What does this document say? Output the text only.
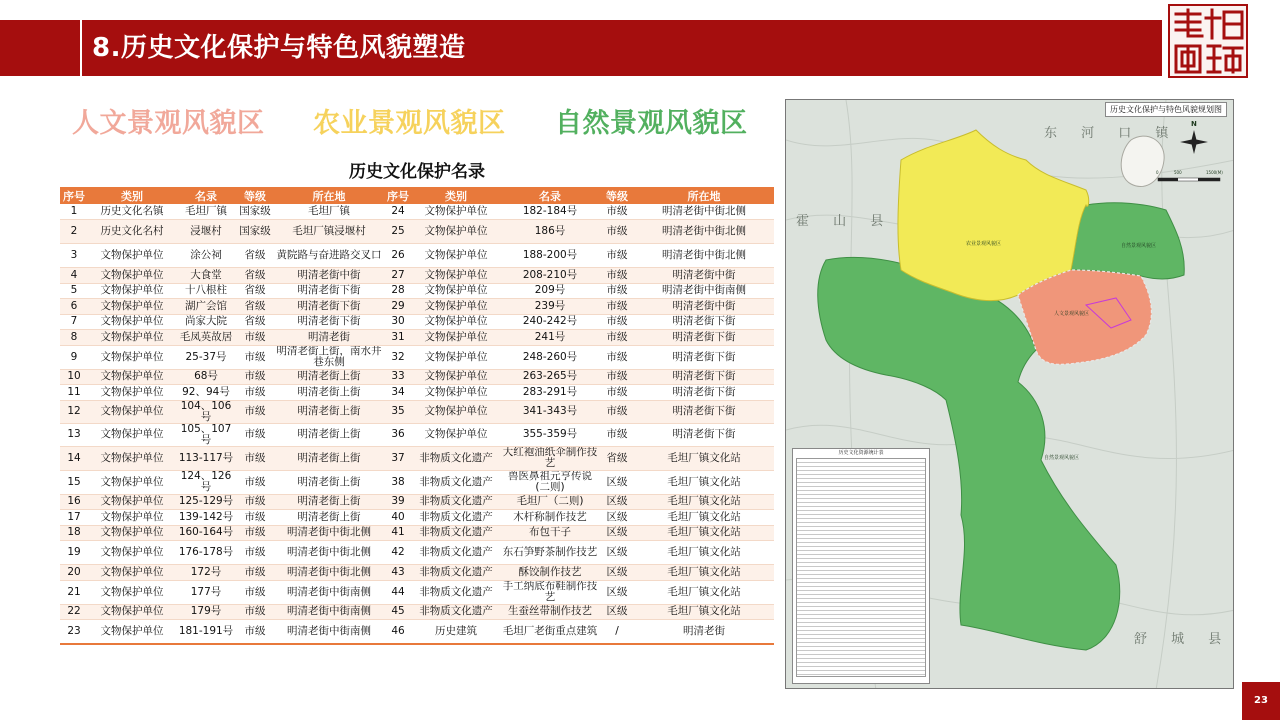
8.历史文化保护与特色风貌塑造
人文景观风貌区 农业景观风貌区 自然景观风貌区
历史文化保护名录
序号	类别	名录	等级	所在地	序号	类别	名录	等级	所在地
1	历史文化名镇	毛坦厂镇	国家级	毛坦厂镇	24	文物保护单位	182-184号	市级	明清老街中街北侧
2	历史文化名村	浸堰村	国家级	毛坦厂镇浸堰村	25	文物保护单位	186号	市级	明清老街中街北侧
3	文物保护单位	涂公祠	省级	黄院路与奋进路交叉口	26	文物保护单位	188-200号	市级	明清老街中街北侧
4	文物保护单位	大食堂	省级	明清老街中街	27	文物保护单位	208-210号	市级	明清老街中街
5	文物保护单位	十八根柱	省级	明清老街下街	28	文物保护单位	209号	市级	明清老街中街南侧
6	文物保护单位	湖广会馆	省级	明清老街下街	29	文物保护单位	239号	市级	明清老街中街
7	文物保护单位	尚家大院	省级	明清老街下街	30	文物保护单位	240-242号	市级	明清老街下街
8	文物保护单位	毛凤英故居	市级	明清老街	31	文物保护单位	241号	市级	明清老街下街
9	文物保护单位	25-37号	市级	明清老街上街，南水井巷东侧	32	文物保护单位	248-260号	市级	明清老街下街
10	文物保护单位	68号	市级	明清老街上街	33	文物保护单位	263-265号	市级	明清老街下街
11	文物保护单位	92、94号	市级	明清老街上街	34	文物保护单位	283-291号	市级	明清老街下街
12	文物保护单位	104、106号	市级	明清老街上街	35	文物保护单位	341-343号	市级	明清老街下街
13	文物保护单位	105、107号	市级	明清老街上街	36	文物保护单位	355-359号	市级	明清老街下街
14	文物保护单位	113-117号	市级	明清老街上街	37	非物质文化遗产	大红袍油纸伞制作技艺	省级	毛坦厂镇文化站
15	文物保护单位	124、126号	市级	明清老街上街	38	非物质文化遗产	兽医鼻祖元亨传说(二则)	区级	毛坦厂镇文化站
16	文物保护单位	125-129号	市级	明清老街上街	39	非物质文化遗产	毛坦厂（二则)	区级	毛坦厂镇文化站
17	文物保护单位	139-142号	市级	明清老街上街	40	非物质文化遗产	木杆称制作技艺	区级	毛坦厂镇文化站
18	文物保护单位	160-164号	市级	明清老街中街北侧	41	非物质文化遗产	布包干子	区级	毛坦厂镇文化站
19	文物保护单位	176-178号	市级	明清老街中街北侧	42	非物质文化遗产	东石笋野茶制作技艺	区级	毛坦厂镇文化站
20	文物保护单位	172号	市级	明清老街中街北侧	43	非物质文化遗产	酥饺制作技艺	区级	毛坦厂镇文化站
21	文物保护单位	177号	市级	明清老街中街南侧	44	非物质文化遗产	手工纳底布鞋制作技艺	区级	毛坦厂镇文化站
22	文物保护单位	179号	市级	明清老街中街南侧	45	非物质文化遗产	生蚕丝带制作技艺	区级	毛坦厂镇文化站
23	文物保护单位	181-191号	市级	明清老街中街南侧	46	历史建筑	毛坦厂老街重点建筑	/	明清老街
历史文化保护与特色风貌规划图
东 河 口 镇
霍 山 县
舒 城 县
农业景观风貌区	自然景观风貌区
人文景观风貌区
自然景观风貌区
N
0	500	1500(M)
历史文化资源统计表
23
